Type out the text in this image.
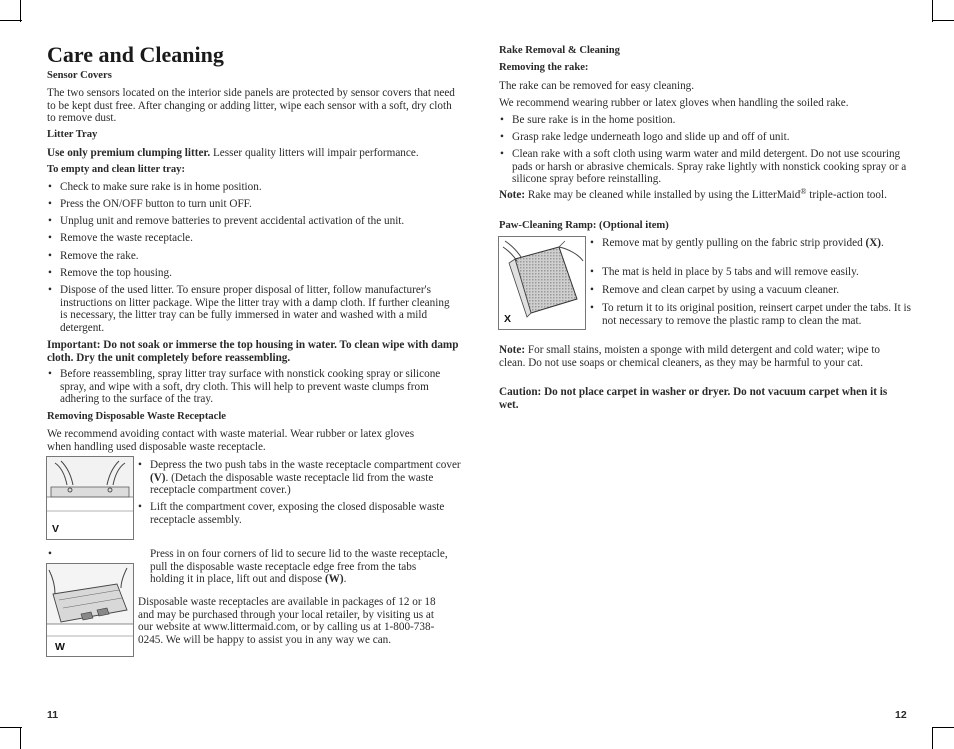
Care and Cleaning
Sensor Covers
The two sensors located on the interior side panels are protected by sensor covers that need to be kept dust free. After changing or adding litter, wipe each sensor with a soft, dry cloth to remove dust.
Litter Tray
Use only premium clumping litter. Lesser quality litters will impair performance.
To empty and clean litter tray:
• Check to make sure rake is in home position.
• Press the ON/OFF button to turn unit OFF.
• Unplug unit and remove batteries to prevent accidental activation of the unit.
• Remove the waste receptacle.
• Remove the rake.
• Remove the top housing.
• Dispose of the used litter. To ensure proper disposal of litter, follow manufacturer's instructions on litter package. Wipe the litter tray with a damp cloth. If further cleaning is necessary, the litter tray can be fully immersed in water and washed with a mild detergent.
Important: Do not soak or immerse the top housing in water. To clean wipe with damp cloth. Dry the unit completely before reassembling.
• Before reassembling, spray litter tray surface with nonstick cooking spray or silicone spray, and wipe with a soft, dry cloth. This will help to prevent waste clumps from adhering to the surface of the tray.
Removing Disposable Waste Receptacle
We recommend avoiding contact with waste material. Wear rubber or latex gloves when handling used disposable waste receptacle.
V
• Depress the two push tabs in the waste receptacle compartment cover (V). (Detach the disposable waste receptacle lid from the waste receptacle compartment cover.)
• Lift the compartment cover, exposing the closed disposable waste receptacle assembly.
•
W
Press in on four corners of lid to secure lid to the waste receptacle, pull the disposable waste receptacle edge free from the tabs holding it in place, lift out and dispose (W).
Disposable waste receptacles are available in packages of 12 or 18 and may be purchased through your local retailer, by visiting us at our website at www.littermaid.com, or by calling us at 1-800-738-0245. We will be happy to assist you in any way we can.
11
Rake Removal & Cleaning
Removing the rake:
The rake can be removed for easy cleaning.
We recommend wearing rubber or latex gloves when handling the soiled rake.
• Be sure rake is in the home position.
• Grasp rake ledge underneath logo and slide up and off of unit.
• Clean rake with a soft cloth using warm water and mild detergent. Do not use scouring pads or harsh or abrasive chemicals. Spray rake lightly with nonstick cooking spray or a silicone spray before reinstalling.
Note: Rake may be cleaned while installed by using the LitterMaid® triple-action tool.
Paw-Cleaning Ramp: (Optional item)
X
• Remove mat by gently pulling on the fabric strip provided (X).
• The mat is held in place by 5 tabs and will remove easily.
• Remove and clean carpet by using a vacuum cleaner.
• To return it to its original position, reinsert carpet under the tabs. It is not necessary to remove the plastic ramp to clean the mat.
Note: For small stains, moisten a sponge with mild detergent and cold water; wipe to clean. Do not use soaps or chemical cleaners, as they may be harmful to your cat.
Caution: Do not place carpet in washer or dryer. Do not vacuum carpet when it is wet.
12
